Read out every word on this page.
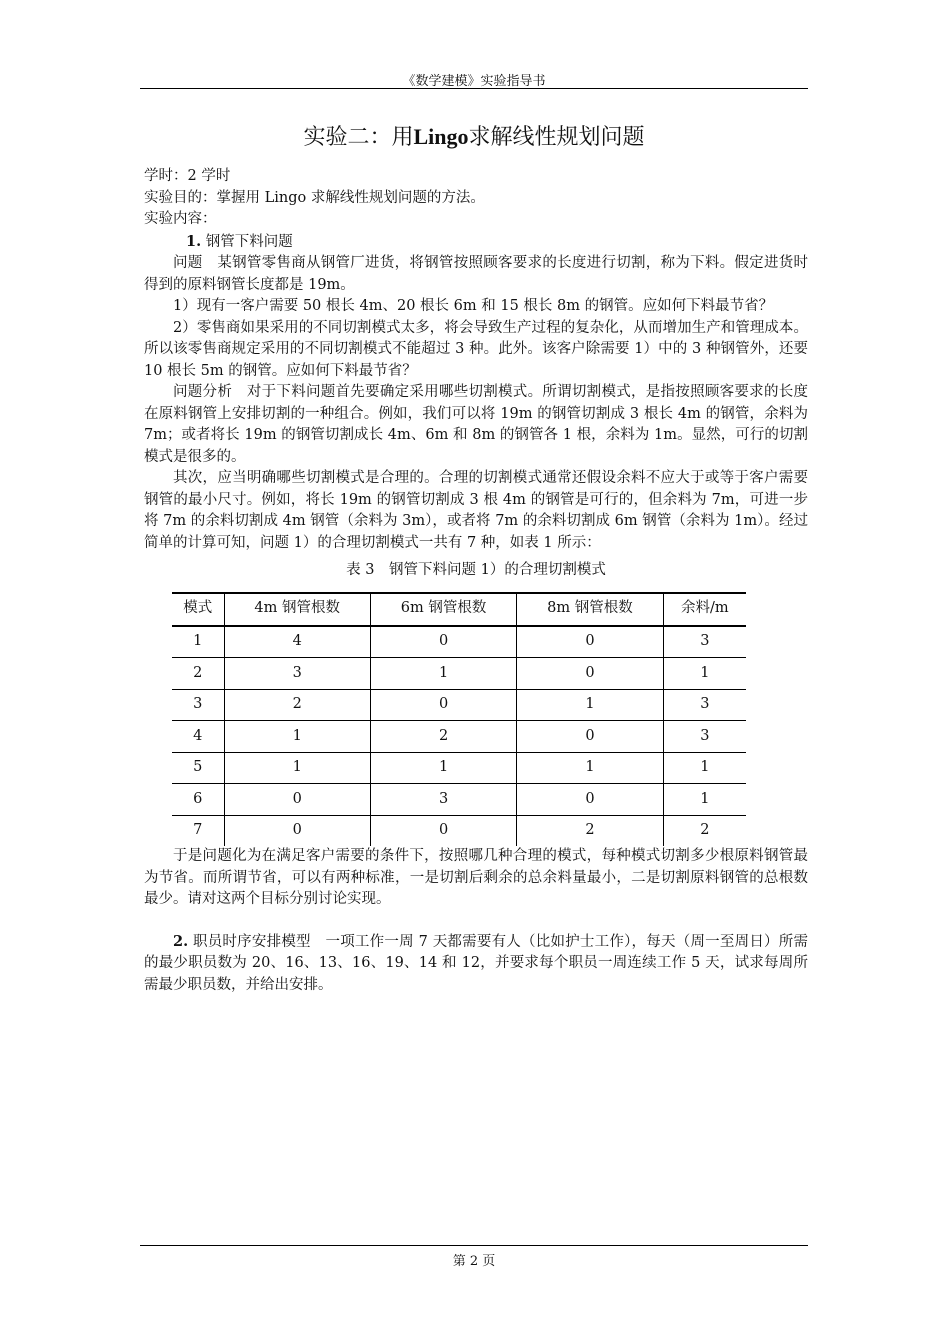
《数学建模》实验指导书
实验二：用Lingo求解线性规划问题

学时：2 学时

实验目的：掌握用 Lingo 求解线性规划问题的方法。

实验内容：

1. 钢管下料问题

问题　某钢管零售商从钢管厂进货，将钢管按照顾客要求的长度进行切割，称为下料。假定进货时得到的原料钢管长度都是 19m。

1）现有一客户需要 50 根长 4m、20 根长 6m 和 15 根长 8m 的钢管。应如何下料最节省？

2）零售商如果采用的不同切割模式太多，将会导致生产过程的复杂化，从而增加生产和管理成本。所以该零售商规定采用的不同切割模式不能超过 3 种。此外。该客户除需要 1）中的 3 种钢管外，还要 10 根长 5m 的钢管。应如何下料最节省？

问题分析　对于下料问题首先要确定采用哪些切割模式。所谓切割模式，是指按照顾客要求的长度在原料钢管上安排切割的一种组合。例如，我们可以将 19m 的钢管切割成 3 根长 4m 的钢管，余料为 7m；或者将长 19m 的钢管切割成长 4m、6m 和 8m 的钢管各 1 根，余料为 1m。显然，可行的切割模式是很多的。

其次，应当明确哪些切割模式是合理的。合理的切割模式通常还假设余料不应大于或等于客户需要钢管的最小尺寸。例如，将长 19m 的钢管切割成 3 根 4m 的钢管是可行的，但余料为 7m，可进一步将 7m 的余料切割成 4m 钢管（余料为 3m），或者将 7m 的余料切割成 6m 钢管（余料为 1m）。经过简单的计算可知，问题 1）的合理切割模式一共有 7 种，如表 1 所示：

表 3　钢管下料问题 1）的合理切割模式

模式	4m 钢管根数	6m 钢管根数	8m 钢管根数	余料/m
1	4	0	0	3
2	3	1	0	1
3	2	0	1	3
4	1	2	0	3
5	1	1	1	1
6	0	3	0	1
7	0	0	2	2

于是问题化为在满足客户需要的条件下，按照哪几种合理的模式，每种模式切割多少根原料钢管最为节省。而所谓节省，可以有两种标准，一是切割后剩余的总余料量最小，二是切割原料钢管的总根数最少。请对这两个目标分别讨论实现。

2. 职员时序安排模型　一项工作一周 7 天都需要有人（比如护士工作），每天（周一至周日）所需的最少职员数为 20、16、13、16、19、14 和 12，并要求每个职员一周连续工作 5 天，试求每周所需最少职员数，并给出安排。

第 2 页
